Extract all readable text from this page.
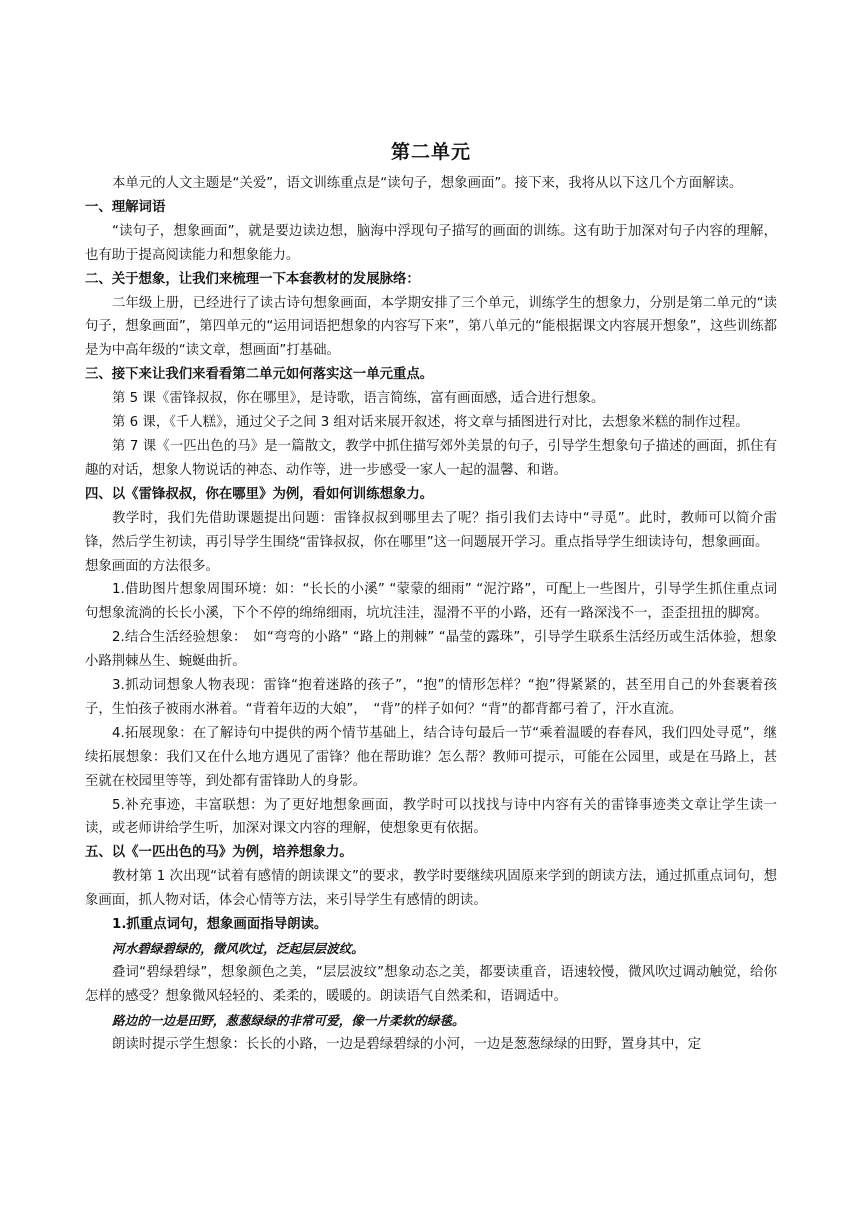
第二单元

本单元的人文主题是“关爱”，语文训练重点是“读句子，想象画面”。接下来，我将从以下这几个方面解读。

一、理解词语

“读句子，想象画面”，就是要边读边想，脑海中浮现句子描写的画面的训练。这有助于加深对句子内容的理解，也有助于提高阅读能力和想象能力。

二、关于想象，让我们来梳理一下本套教材的发展脉络：

二年级上册，已经进行了读古诗句想象画面，本学期安排了三个单元，训练学生的想象力，分别是第二单元的“读句子，想象画面”，第四单元的“运用词语把想象的内容写下来”，第八单元的“能根据课文内容展开想象”，这些训练都是为中高年级的“读文章，想画面”打基础。

三、接下来让我们来看看第二单元如何落实这一单元重点。

第 5 课《雷锋叔叔，你在哪里》，是诗歌，语言简练，富有画面感，适合进行想象。

第 6 课，《千人糕》，通过父子之间 3 组对话来展开叙述，将文章与插图进行对比，去想象米糕的制作过程。

第 7 课《一匹出色的马》是一篇散文，教学中抓住描写郊外美景的句子，引导学生想象句子描述的画面，抓住有趣的对话，想象人物说话的神态、动作等，进一步感受一家人一起的温馨、和谐。

四、以《雷锋叔叔，你在哪里》为例，看如何训练想象力。

教学时，我们先借助课题提出问题：雷锋叔叔到哪里去了呢？指引我们去诗中“寻觅”。此时，教师可以简介雷锋，然后学生初读，再引导学生围绕“雷锋叔叔，你在哪里”这一问题展开学习。重点指导学生细读诗句，想象画面。

想象画面的方法很多。

1.借助图片想象周围环境：如：“长长的小溪” “蒙蒙的细雨” “泥泞路”，可配上一些图片，引导学生抓住重点词句想象流淌的长长小溪，下个不停的绵绵细雨，坑坑洼洼，湿滑不平的小路，还有一路深浅不一，歪歪扭扭的脚窝。

2.结合生活经验想象：　如“弯弯的小路” “路上的荆棘” “晶莹的露珠”，引导学生联系生活经历或生活体验，想象小路荆棘丛生、蜿蜒曲折。

3.抓动词想象人物表现：雷锋“抱着迷路的孩子”，“抱”的情形怎样？“抱”得紧紧的，甚至用自己的外套裹着孩子，生怕孩子被雨水淋着。“背着年迈的大娘”，　“背”的样子如何？“背”的都背都弓着了，汗水直流。

4.拓展现象：在了解诗句中提供的两个情节基础上，结合诗句最后一节“乘着温暖的春春风，我们四处寻觅”，继续拓展想象：我们又在什么地方遇见了雷锋？他在帮助谁？怎么帮？教师可提示，可能在公园里，或是在马路上，甚至就在校园里等等，到处都有雷锋助人的身影。

5.补充事迹，丰富联想：为了更好地想象画面，教学时可以找找与诗中内容有关的雷锋事迹类文章让学生读一读，或老师讲给学生听，加深对课文内容的理解，使想象更有依据。

五、以《一匹出色的马》为例，培养想象力。

教材第 1 次出现“试着有感情的朗读课文”的要求，教学时要继续巩固原来学到的朗读方法，通过抓重点词句，想象画面，抓人物对话，体会心情等方法，来引导学生有感情的朗读。

1.抓重点词句，想象画面指导朗读。

河水碧绿碧绿的，微风吹过，泛起层层波纹。

叠词“碧绿碧绿”，想象颜色之美，“层层波纹”想象动态之美，都要读重音，语速较慢，微风吹过调动触觉，给你怎样的感受？想象微风轻轻的、柔柔的，暖暖的。朗读语气自然柔和，语调适中。

路边的一边是田野，葱葱绿绿的非常可爱，像一片柔软的绿毯。

朗读时提示学生想象：长长的小路，一边是碧绿碧绿的小河，一边是葱葱绿绿的田野，置身其中，定
